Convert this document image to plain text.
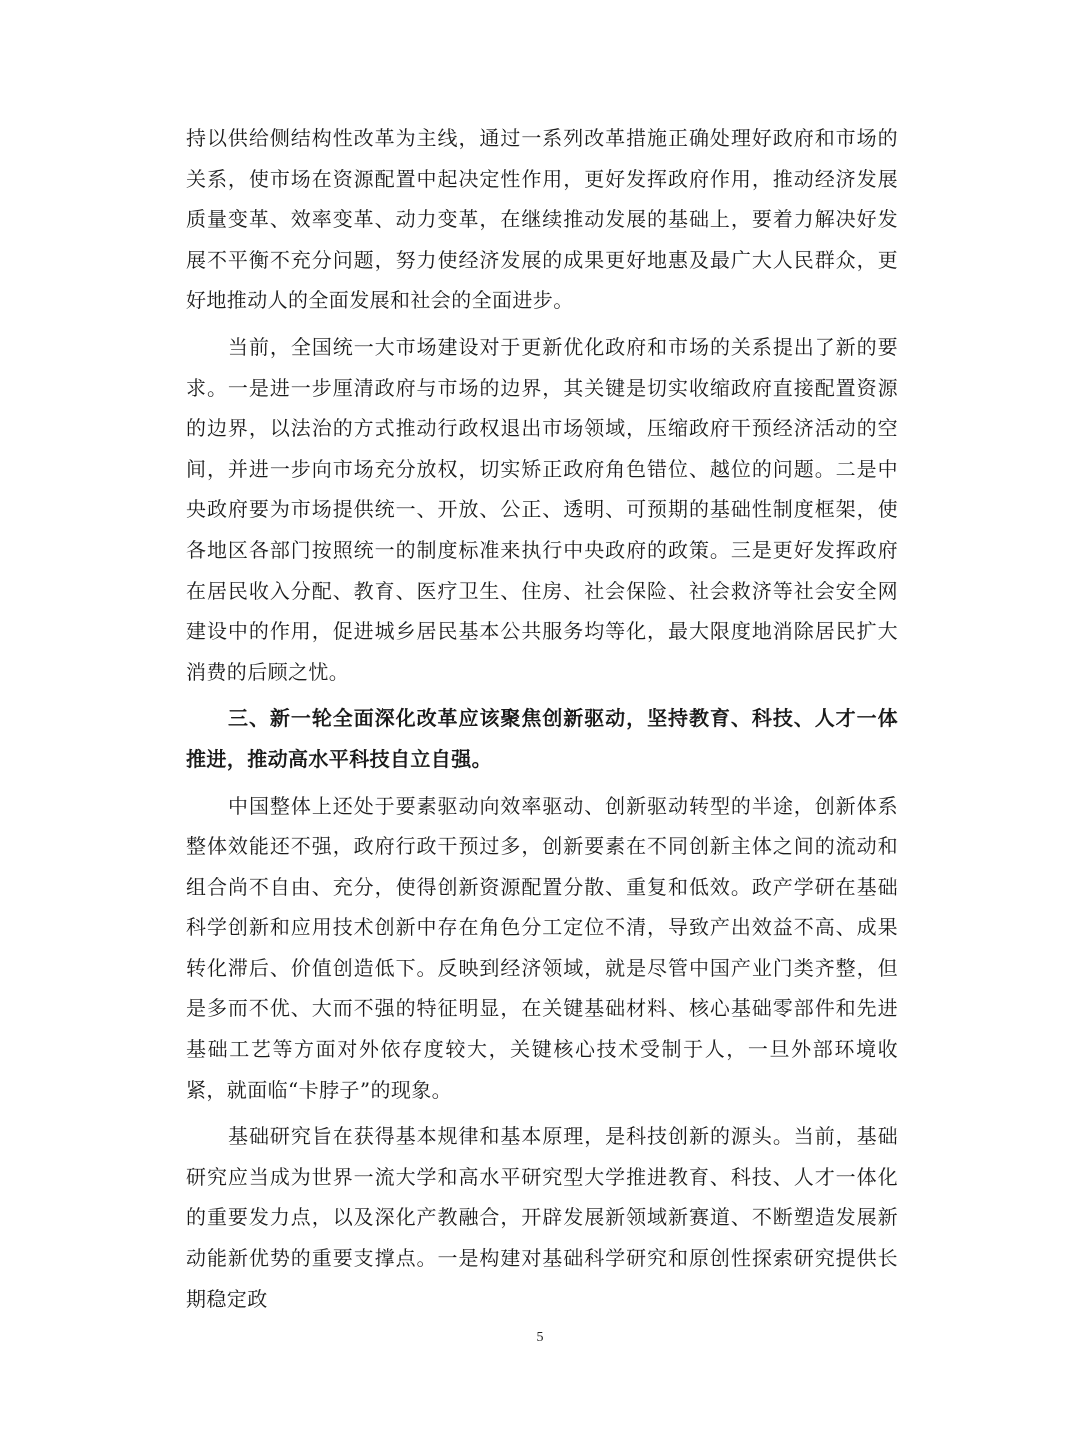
持以供给侧结构性改革为主线，通过一系列改革措施正确处理好政府和市场的关系，使市场在资源配置中起决定性作用，更好发挥政府作用，推动经济发展质量变革、效率变革、动力变革，在继续推动发展的基础上，要着力解决好发展不平衡不充分问题，努力使经济发展的成果更好地惠及最广大人民群众，更好地推动人的全面发展和社会的全面进步。

当前，全国统一大市场建设对于更新优化政府和市场的关系提出了新的要求。一是进一步厘清政府与市场的边界，其关键是切实收缩政府直接配置资源的边界，以法治的方式推动行政权退出市场领域，压缩政府干预经济活动的空间，并进一步向市场充分放权，切实矫正政府角色错位、越位的问题。二是中央政府要为市场提供统一、开放、公正、透明、可预期的基础性制度框架，使各地区各部门按照统一的制度标准来执行中央政府的政策。三是更好发挥政府在居民收入分配、教育、医疗卫生、住房、社会保险、社会救济等社会安全网建设中的作用，促进城乡居民基本公共服务均等化，最大限度地消除居民扩大消费的后顾之忧。

三、新一轮全面深化改革应该聚焦创新驱动，坚持教育、科技、人才一体推进，推动高水平科技自立自强。

中国整体上还处于要素驱动向效率驱动、创新驱动转型的半途，创新体系整体效能还不强，政府行政干预过多，创新要素在不同创新主体之间的流动和组合尚不自由、充分，使得创新资源配置分散、重复和低效。政产学研在基础科学创新和应用技术创新中存在角色分工定位不清，导致产出效益不高、成果转化滞后、价值创造低下。反映到经济领域，就是尽管中国产业门类齐整，但是多而不优、大而不强的特征明显，在关键基础材料、核心基础零部件和先进基础工艺等方面对外依存度较大，关键核心技术受制于人，一旦外部环境收紧，就面临“卡脖子”的现象。

基础研究旨在获得基本规律和基本原理，是科技创新的源头。当前，基础研究应当成为世界一流大学和高水平研究型大学推进教育、科技、人才一体化的重要发力点，以及深化产教融合，开辟发展新领域新赛道、不断塑造发展新动能新优势的重要支撑点。一是构建对基础科学研究和原创性探索研究提供长期稳定政

5
